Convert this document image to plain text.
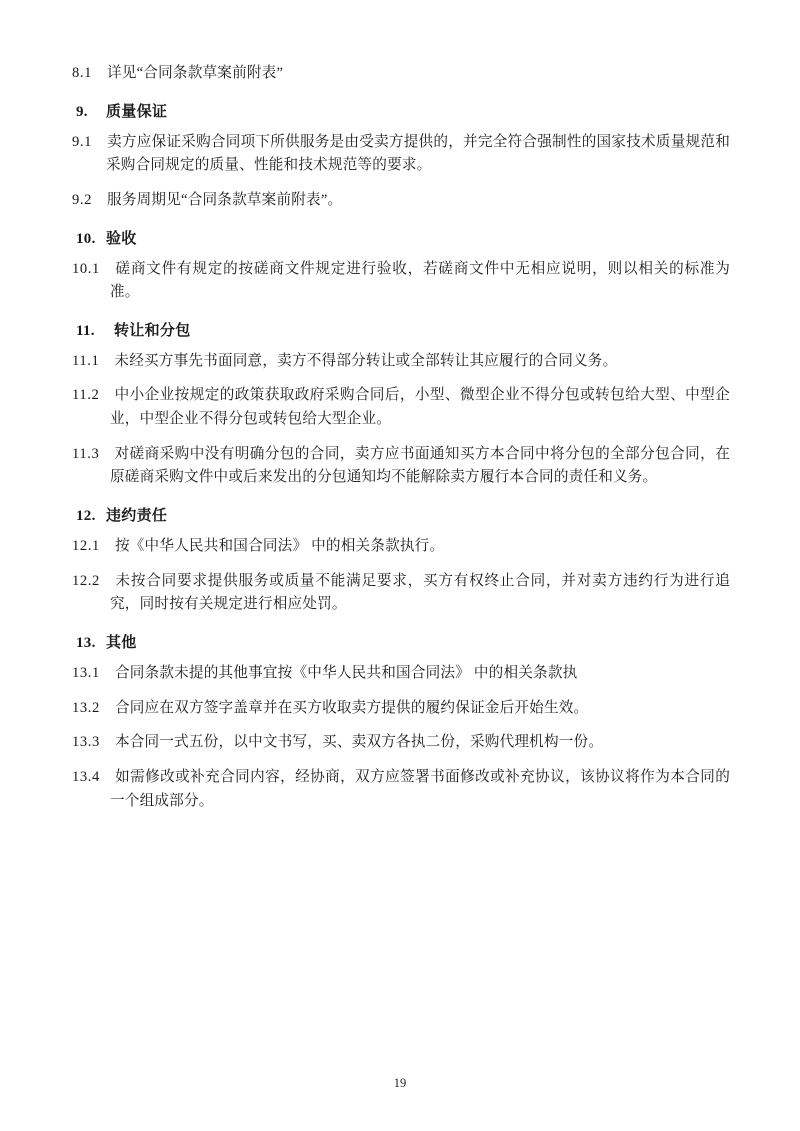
8.1   详见“合同条款草案前附表”
9. 质量保证
9.1   卖方应保证采购合同项下所供服务是由受卖方提供的，并完全符合强制性的国家技术质量规范和采购合同规定的质量、性能和技术规范等的要求。
9.2   服务周期见“合同条款草案前附表”。
10. 验收
10.1   磋商文件有规定的按磋商文件规定进行验收，若磋商文件中无相应说明，则以相关的标准为准。
11. 转让和分包
11.1   未经买方事先书面同意，卖方不得部分转让或全部转让其应履行的合同义务。
11.2   中小企业按规定的政策获取政府采购合同后，小型、微型企业不得分包或转包给大型、中型企业，中型企业不得分包或转包给大型企业。
11.3   对磋商采购中没有明确分包的合同，卖方应书面通知买方本合同中将分包的全部分包合同，在原磋商采购文件中或后来发出的分包通知均不能解除卖方履行本合同的责任和义务。
12. 违约责任
12.1   按《中华人民共和国合同法》 中的相关条款执行。
12.2   未按合同要求提供服务或质量不能满足要求，买方有权终止合同，并对卖方违约行为进行追究，同时按有关规定进行相应处罚。
13. 其他
13.1   合同条款未提的其他事宜按《中华人民共和国合同法》 中的相关条款执
13.2   合同应在双方签字盖章并在买方收取卖方提供的履约保证金后开始生效。
13.3   本合同一式五份，以中文书写，买、卖双方各执二份，采购代理机构一份。
13.4   如需修改或补充合同内容，经协商，双方应签署书面修改或补充协议，该协议将作为本合同的一个组成部分。
19
